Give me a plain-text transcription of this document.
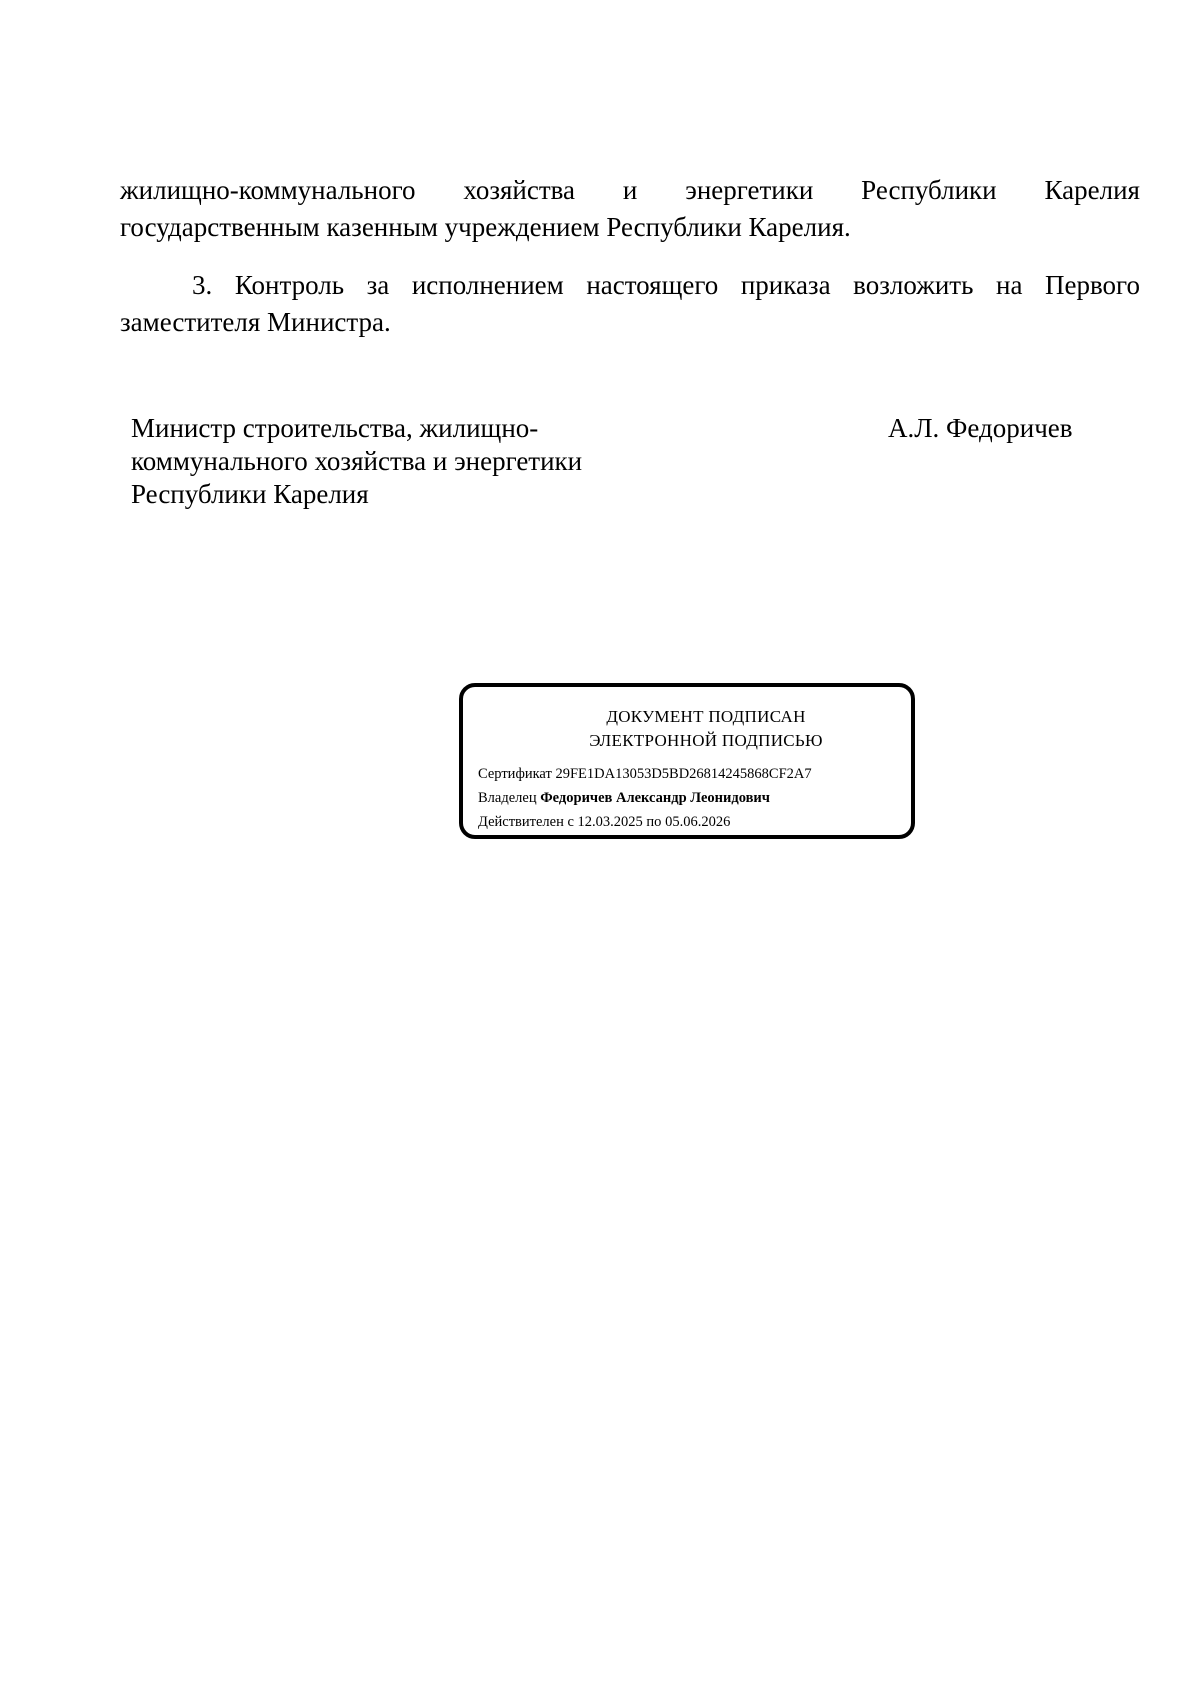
жилищно-коммунального хозяйства и энергетики Республики Карелия
государственным казенным учреждением Республики Карелия.

3. Контроль за исполнением настоящего приказа возложить на Первого
заместителя Министра.

Министр строительства, жилищно-
коммунального хозяйства и энергетики
Республики Карелия
А.Л. Федоричев
ДОКУМЕНТ ПОДПИСАН
ЭЛЕКТРОННОЙ ПОДПИСЬЮ
Сертификат 29FE1DA13053D5BD26814245868CF2A7
Владелец Федоричев Александр Леонидович
Действителен с 12.03.2025 по 05.06.2026
